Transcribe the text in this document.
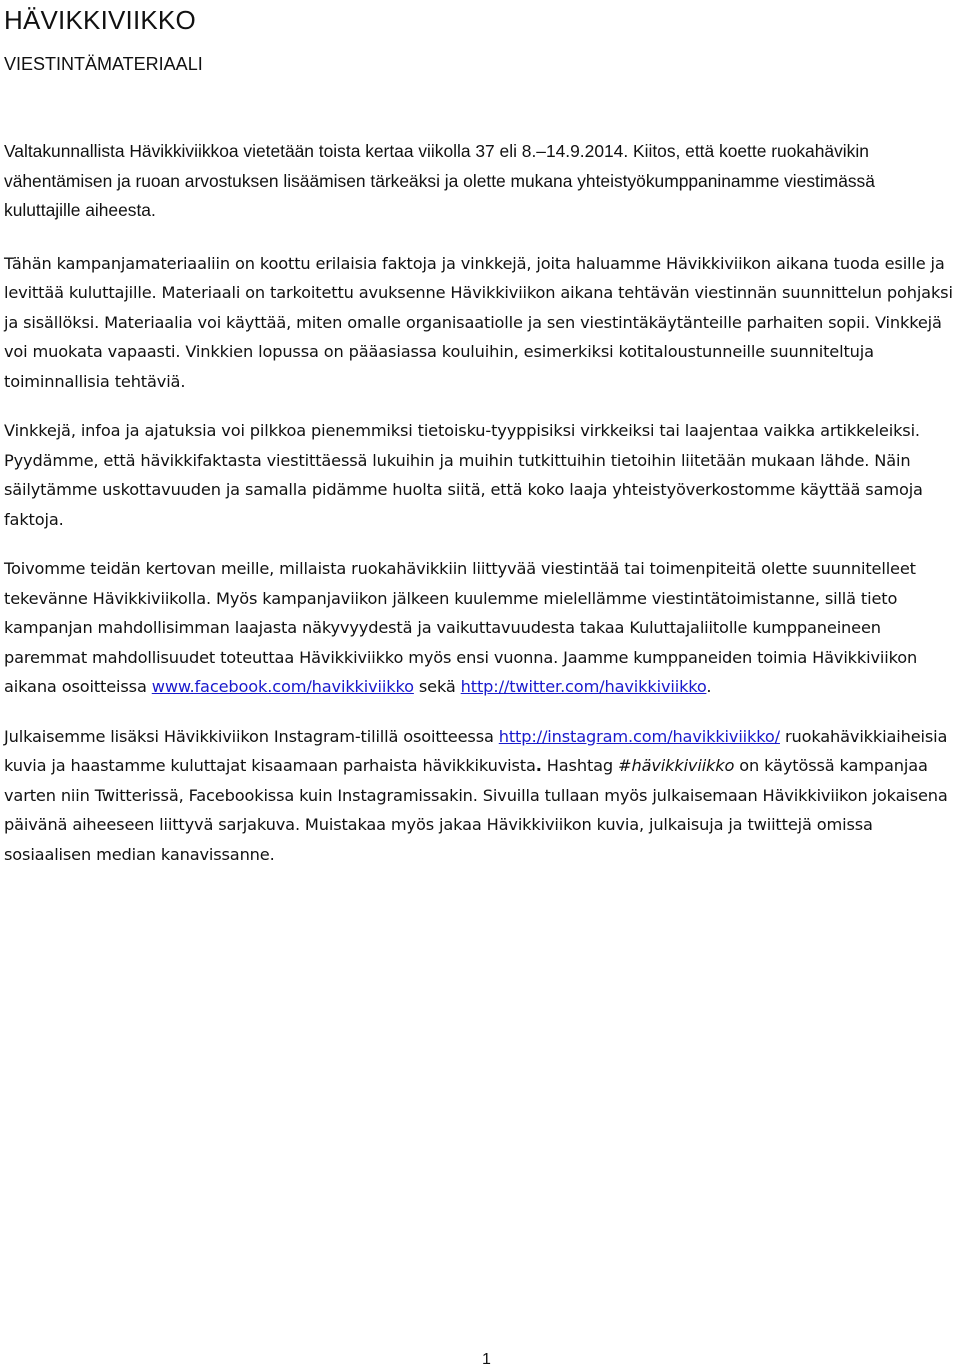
HÄVIKKIVIIKKO
VIESTINTÄMATERIAALI

Valtakunnallista Hävikkiviikkoa vietetään toista kertaa viikolla 37 eli 8.–14.9.2014. Kiitos, että koette ruokahävikin vähentämisen ja ruoan arvostuksen lisäämisen tärkeäksi ja olette mukana yhteistyökumppaninamme viestimässä kuluttajille aiheesta.

Tähän kampanjamateriaaliin on koottu erilaisia faktoja ja vinkkejä, joita haluamme Hävikkiviikon aikana tuoda esille ja levittää kuluttajille. Materiaali on tarkoitettu avuksenne Hävikkiviikon aikana tehtävän viestinnän suunnittelun pohjaksi ja sisällöksi. Materiaalia voi käyttää, miten omalle organisaatiolle ja sen viestintäkäytänteille parhaiten sopii. Vinkkejä voi muokata vapaasti. Vinkkien lopussa on pääasiassa kouluihin, esimerkiksi kotitaloustunneille suunniteltuja toiminnallisia tehtäviä.

Vinkkejä, infoa ja ajatuksia voi pilkkoa pienemmiksi tietoisku-tyyppisiksi virkkeiksi tai laajentaa vaikka artikkeleiksi. Pyydämme, että hävikkifaktasta viestittäessä lukuihin ja muihin tutkittuihin tietoihin liitetään mukaan lähde. Näin säilytämme uskottavuuden ja samalla pidämme huolta siitä, että koko laaja yhteistyöverkostomme käyttää samoja faktoja.

Toivomme teidän kertovan meille, millaista ruokahävikkiin liittyvää viestintää tai toimenpiteitä olette suunnitelleet tekevänne Hävikkiviikolla. Myös kampanjaviikon jälkeen kuulemme mielellämme viestintätoimistanne, sillä tieto kampanjan mahdollisimman laajasta näkyvyydestä ja vaikuttavuudesta takaa Kuluttajaliitolle kumppaneineen paremmat mahdollisuudet toteuttaa Hävikkiviikko myös ensi vuonna. Jaamme kumppaneiden toimia Hävikkiviikon aikana osoitteissa www.facebook.com/havikkiviikko sekä http://twitter.com/havikkiviikko.

Julkaisemme lisäksi Hävikkiviikon Instagram-tilillä osoitteessa http://instagram.com/havikkiviikko/ ruokahävikkiaiheisia kuvia ja haastamme kuluttajat kisaamaan parhaista hävikkikuvista. Hashtag #hävikkiviikko on käytössä kampanjaa varten niin Twitterissä, Facebookissa kuin Instagramissakin. Sivuilla tullaan myös julkaisemaan Hävikkiviikon jokaisena päivänä aiheeseen liittyvä sarjakuva. Muistakaa myös jakaa Hävikkiviikon kuvia, julkaisuja ja twiittejä omissa sosiaalisen median kanavissanne.

1
